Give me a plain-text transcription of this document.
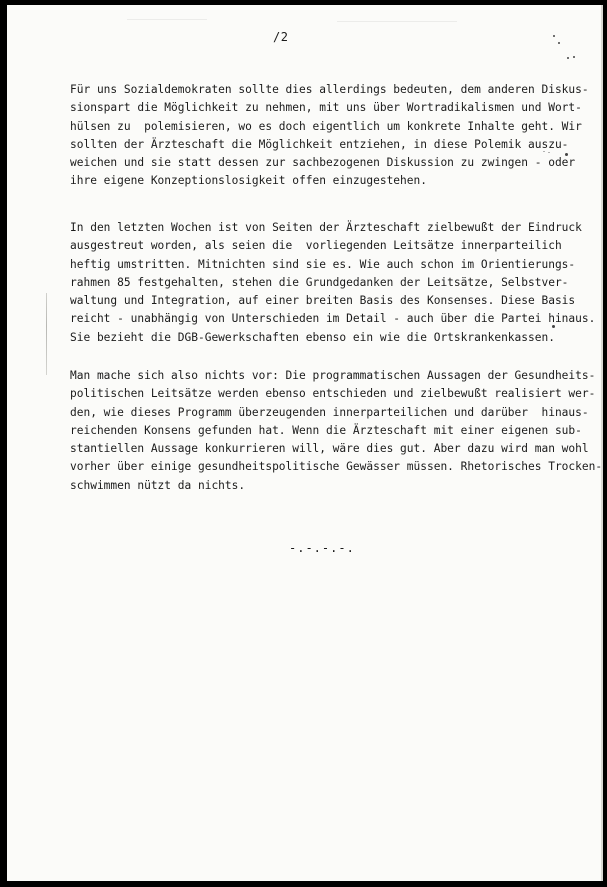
/2
Für uns Sozialdemokraten sollte dies allerdings bedeuten, dem anderen Diskus-
sionspart die Möglichkeit zu nehmen, mit uns über Wortradikalismen und Wort-
hülsen zu  polemisieren, wo es doch eigentlich um konkrete Inhalte geht. Wir
sollten der Ärzteschaft die Möglichkeit entziehen, in diese Polemik auszu-
weichen und sie statt dessen zur sachbezogenen Diskussion zu zwingen - oder
ihre eigene Konzeptionslosigkeit offen einzugestehen.
In den letzten Wochen ist von Seiten der Ärzteschaft zielbewußt der Eindruck
ausgestreut worden, als seien die  vorliegenden Leitsätze innerparteilich
heftig umstritten. Mitnichten sind sie es. Wie auch schon im Orientierungs-
rahmen 85 festgehalten, stehen die Grundgedanken der Leitsätze, Selbstver-
waltung und Integration, auf einer breiten Basis des Konsenses. Diese Basis
reicht - unabhängig von Unterschieden im Detail - auch über die Partei hinaus.
Sie bezieht die DGB-Gewerkschaften ebenso ein wie die Ortskrankenkassen.
Man mache sich also nichts vor: Die programmatischen Aussagen der Gesundheits-
politischen Leitsätze werden ebenso entschieden und zielbewußt realisiert wer-
den, wie dieses Programm überzeugenden innerparteilichen und darüber  hinaus-
reichenden Konsens gefunden hat. Wenn die Ärzteschaft mit einer eigenen sub-
stantiellen Aussage konkurrieren will, wäre dies gut. Aber dazu wird man wohl
vorher über einige gesundheitspolitische Gewässer müssen. Rhetorisches Trocken-
schwimmen nützt da nichts.
-.-.-.-.
